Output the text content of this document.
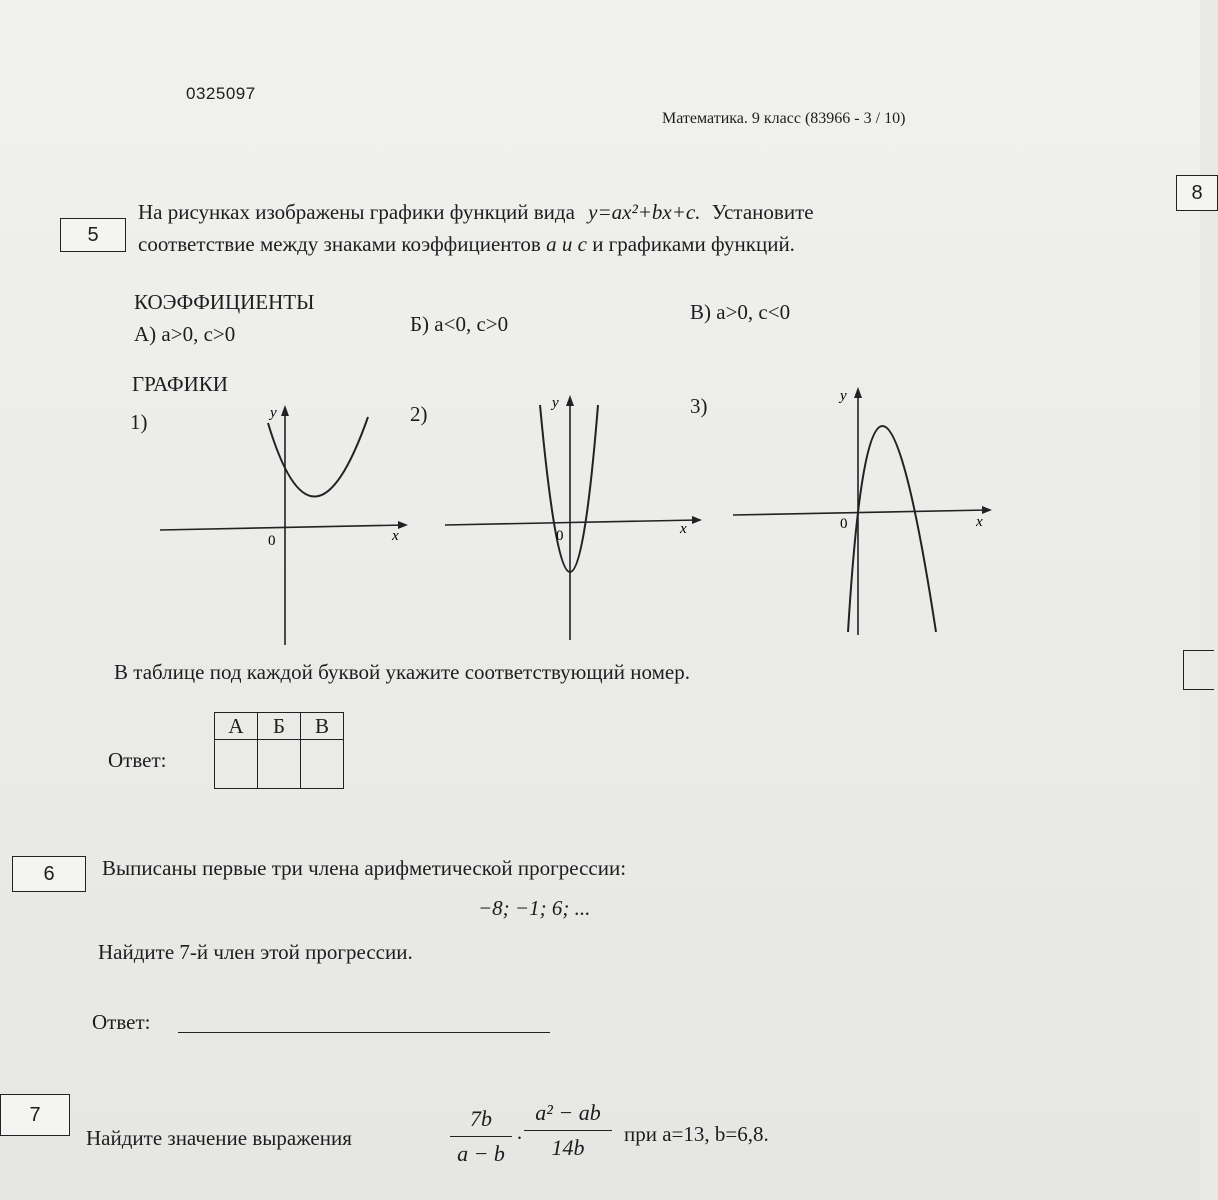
0325097
Математика. 9 класс (83966 - 3 / 10)
8
5
На рисунках изображены графики функций вида y=ax²+bx+c. Установите
соответствие между знаками коэффициентов a и c и графиками функций.
КОЭФФИЦИЕНТЫ
А) a>0, c>0	Б) a<0, c>0	В) a>0, c<0
ГРАФИКИ
1)	2)	3)
0	x
y
0	x
y
0	x
y
В таблице под каждой буквой укажите соответствующий номер.
Ответ:
А	Б	В

6 Выписаны первые три члена арифметической прогрессии:
−8; −1; 6; ...
Найдите 7-й член этой прогрессии.
Ответ:
7
Найдите значение выражения
7b
a − b
·
a² − ab
14b
при a=13, b=6,8.
